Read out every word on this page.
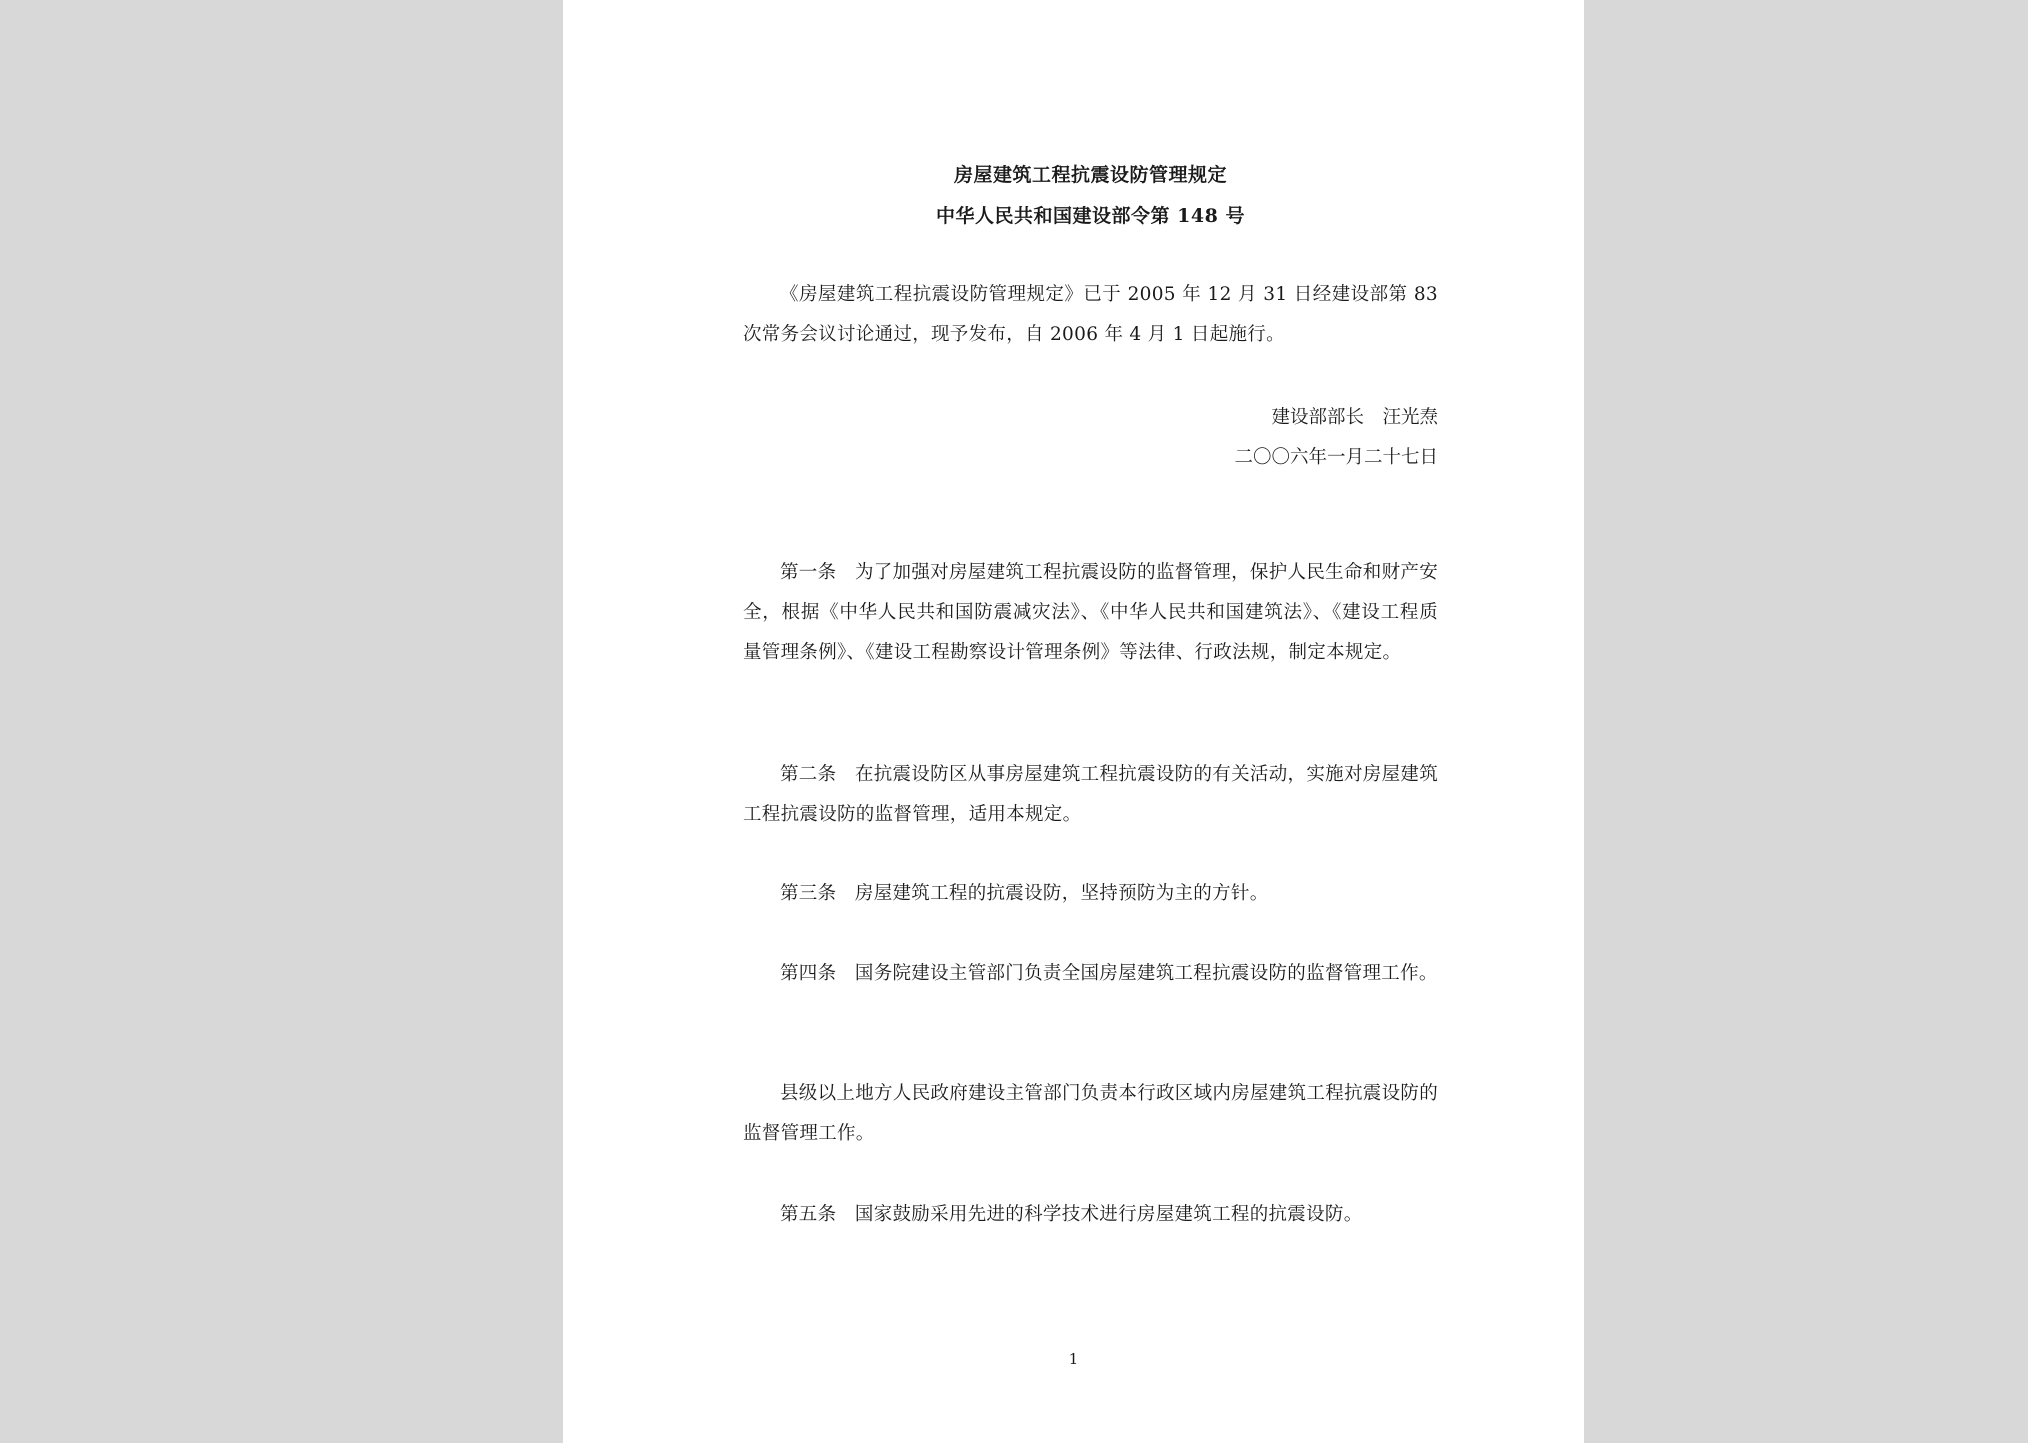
房屋建筑工程抗震设防管理规定
中华人民共和国建设部令第 148 号
《房屋建筑工程抗震设防管理规定》已于 2005 年 12 月 31 日经建设部第 83 次常务会议讨论通过，现予发布，自 2006 年 4 月 1 日起施行。
建设部部长　汪光焘
二〇〇六年一月二十七日
第一条 为了加强对房屋建筑工程抗震设防的监督管理，保护人民生命和财产安全，根据《中华人民共和国防震减灾法》、《中华人民共和国建筑法》、《建设工程质量管理条例》、《建设工程勘察设计管理条例》等法律、行政法规，制定本规定。
第二条 在抗震设防区从事房屋建筑工程抗震设防的有关活动，实施对房屋建筑工程抗震设防的监督管理，适用本规定。
第三条 房屋建筑工程的抗震设防，坚持预防为主的方针。
第四条 国务院建设主管部门负责全国房屋建筑工程抗震设防的监督管理工作。
县级以上地方人民政府建设主管部门负责本行政区域内房屋建筑工程抗震设防的监督管理工作。
第五条 国家鼓励采用先进的科学技术进行房屋建筑工程的抗震设防。
1
